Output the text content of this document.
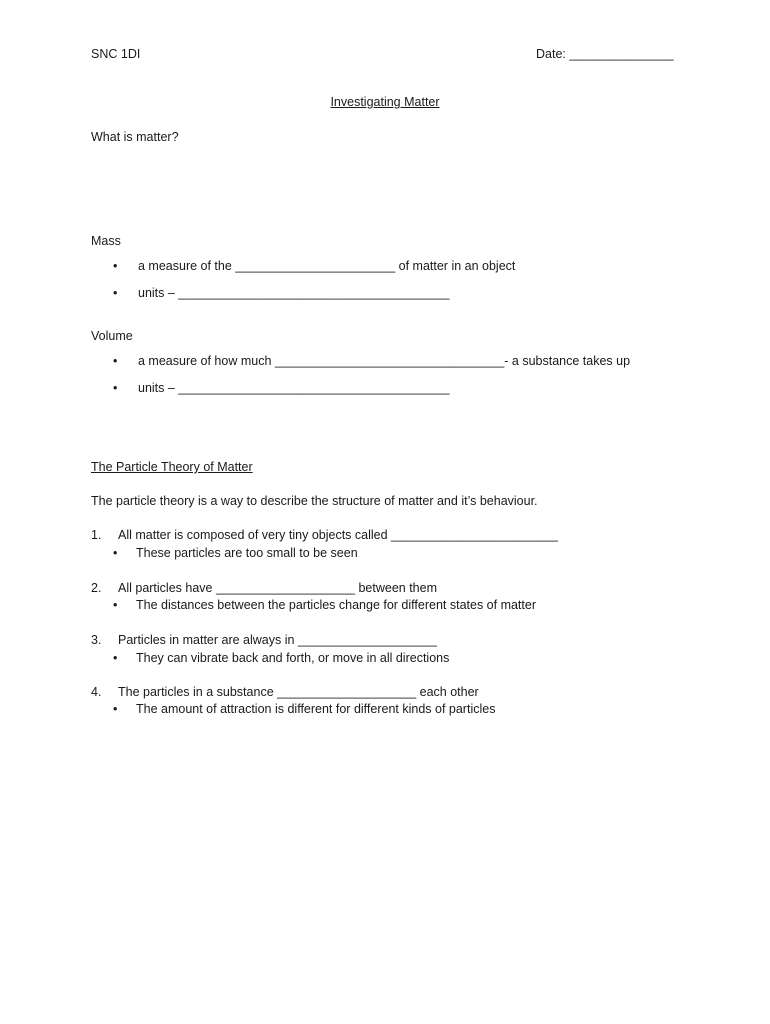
SNC 1DI	Date: _______________
Investigating Matter
What is matter?
Mass
• a measure of the _______________________ of matter in an object
• units – _______________________________________
Volume
• a measure of how much _________________________________- a substance takes up
• units – _______________________________________
The Particle Theory of Matter
The particle theory is a way to describe the structure of matter and it’s behaviour.
1. All matter is composed of very tiny objects called ________________________
• These particles are too small to be seen
2. All particles have ____________________ between them
• The distances between the particles change for different states of matter
3. Particles in matter are always in ____________________
• They can vibrate back and forth, or move in all directions
4. The particles in a substance ____________________ each other
• The amount of attraction is different for different kinds of particles
